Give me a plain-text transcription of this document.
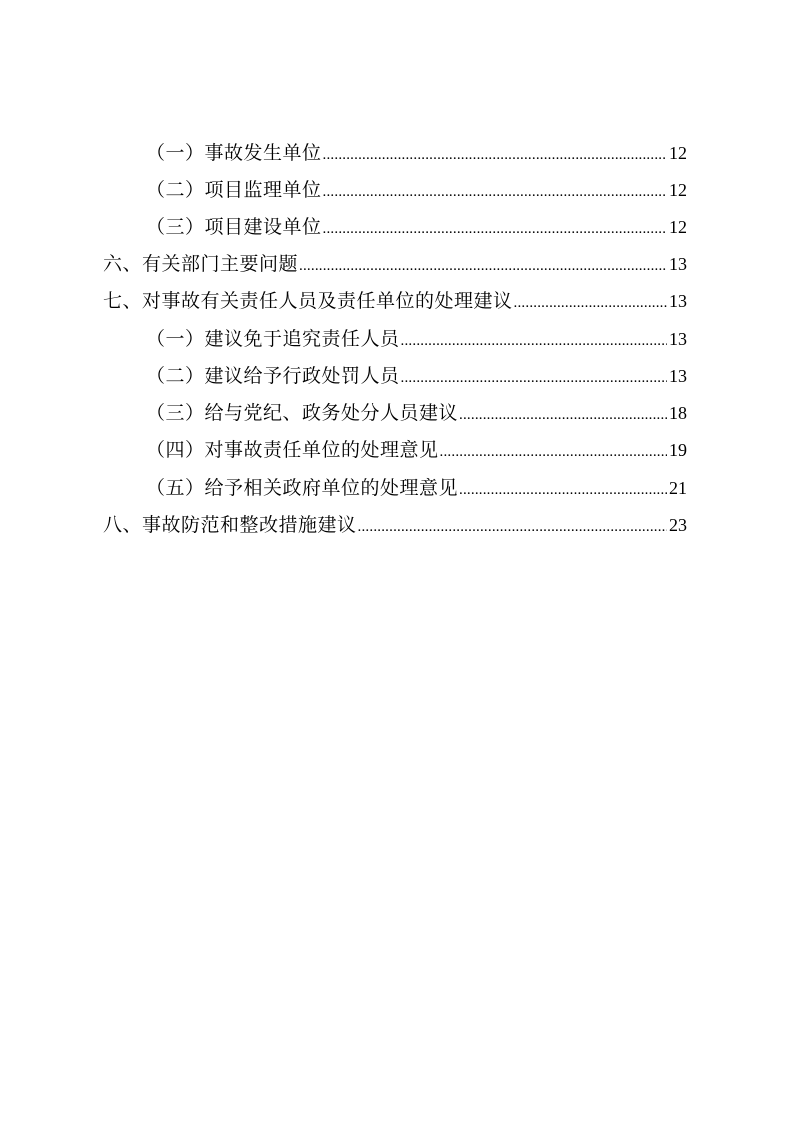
（一）事故发生单位 .....	12
（二）项目监理单位 .....	12
（三）项目建设单位 .....	12
六、有关部门主要问题 .....	13
七、对事故有关责任人员及责任单位的处理建议 .....	13
（一）建议免于追究责任人员 .....	13
（二）建议给予行政处罚人员 .....	13
（三）给与党纪、政务处分人员建议 .....	18
（四）对事故责任单位的处理意见 .....	19
（五）给予相关政府单位的处理意见 .....	21
八、事故防范和整改措施建议 .....	23
